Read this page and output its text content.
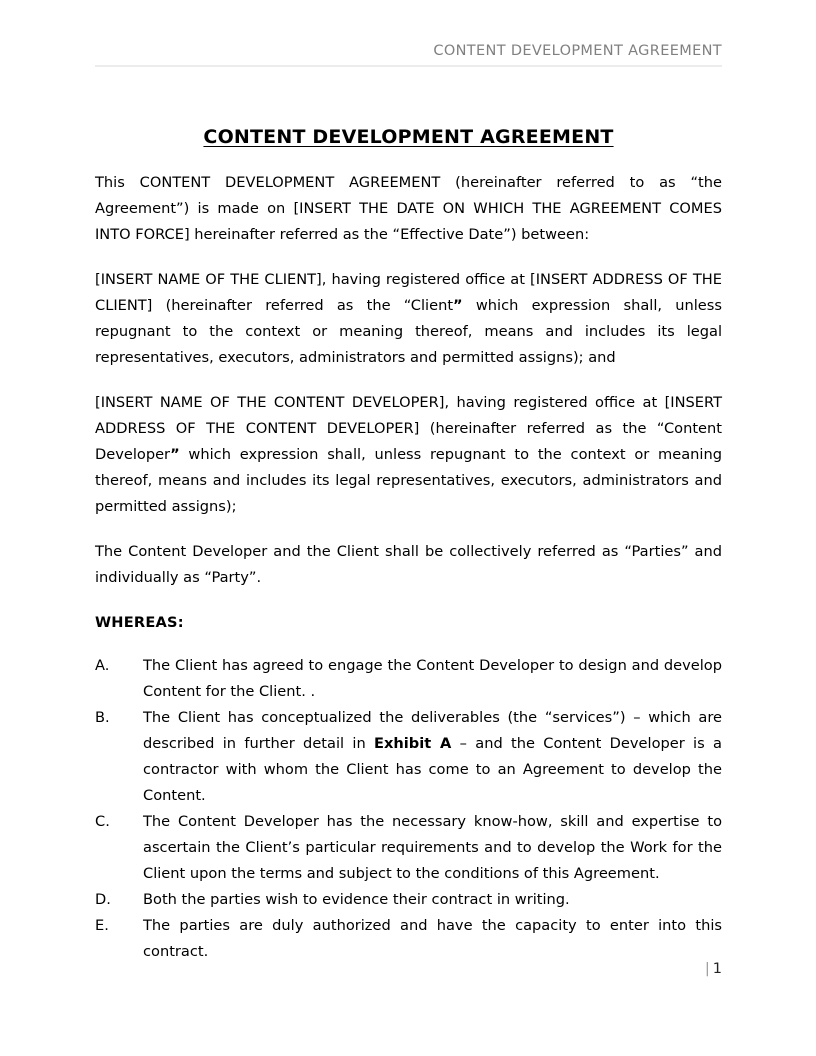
CONTENT DEVELOPMENT AGREEMENT
CONTENT DEVELOPMENT AGREEMENT

This CONTENT DEVELOPMENT AGREEMENT (hereinafter referred to as “the Agreement”) is made on [INSERT THE DATE ON WHICH THE AGREEMENT COMES INTO FORCE] hereinafter referred as the “Effective Date”) between:

[INSERT NAME OF THE CLIENT], having registered office at [INSERT ADDRESS OF THE CLIENT] (hereinafter referred as the “Client” which expression shall, unless repugnant to the context or meaning thereof, means and includes its legal representatives, executors, administrators and permitted assigns); and

[INSERT NAME OF THE CONTENT DEVELOPER], having registered office at [INSERT ADDRESS OF THE CONTENT DEVELOPER] (hereinafter referred as the “Content Developer” which expression shall, unless repugnant to the context or meaning thereof, means and includes its legal representatives, executors, administrators and permitted assigns);

The Content Developer and the Client shall be collectively referred as “Parties” and individually as “Party”.

WHEREAS:

A.	The Client has agreed to engage the Content Developer to design and develop Content for the Client. .
B.	The Client has conceptualized the deliverables (the “services”) – which are described in further detail in Exhibit A – and the Content Developer is a contractor with whom the Client has come to an Agreement to develop the Content.
C.	The Content Developer has the necessary know-how, skill and expertise to ascertain the Client’s particular requirements and to develop the Work for the Client upon the terms and subject to the conditions of this Agreement.
D.	Both the parties wish to evidence their contract in writing.
E.	The parties are duly authorized and have the capacity to enter into this contract.
| 1
